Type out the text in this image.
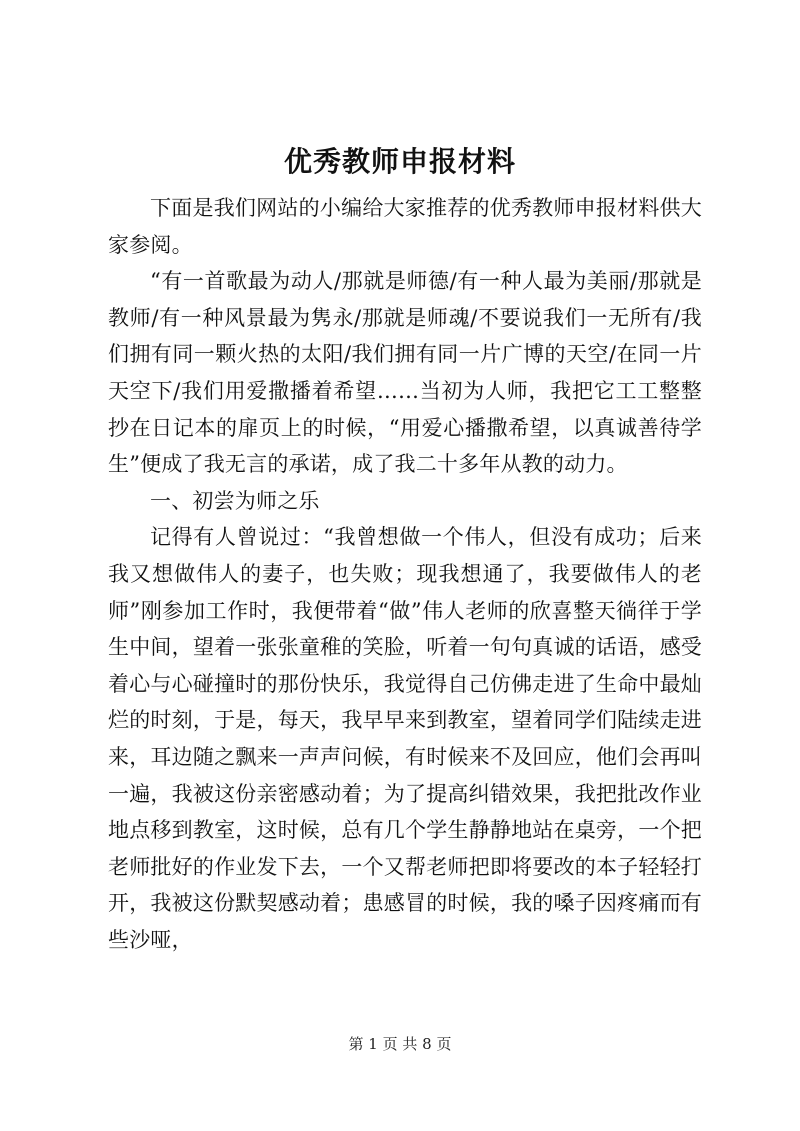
优秀教师申报材料

下面是我们网站的小编给大家推荐的优秀教师申报材料供大家参阅。

“有一首歌最为动人/那就是师德/有一种人最为美丽/那就是教师/有一种风景最为隽永/那就是师魂/不要说我们一无所有/我们拥有同一颗火热的太阳/我们拥有同一片广博的天空/在同一片天空下/我们用爱撒播着希望……当初为人师，我把它工工整整抄在日记本的扉页上的时候，“用爱心播撒希望，以真诚善待学生”便成了我无言的承诺，成了我二十多年从教的动力。

一、初尝为师之乐

记得有人曾说过：“我曾想做一个伟人，但没有成功；后来我又想做伟人的妻子，也失败；现我想通了，我要做伟人的老师”刚参加工作时，我便带着“做”伟人老师的欣喜整天徜徉于学生中间，望着一张张童稚的笑脸，听着一句句真诚的话语，感受着心与心碰撞时的那份快乐，我觉得自己仿佛走进了生命中最灿烂的时刻，于是，每天，我早早来到教室，望着同学们陆续走进来，耳边随之飘来一声声问候，有时候来不及回应，他们会再叫一遍，我被这份亲密感动着；为了提高纠错效果，我把批改作业地点移到教室，这时候，总有几个学生静静地站在桌旁，一个把老师批好的作业发下去，一个又帮老师把即将要改的本子轻轻打开，我被这份默契感动着；患感冒的时候，我的嗓子因疼痛而有些沙哑，

第 1 页 共 8 页
